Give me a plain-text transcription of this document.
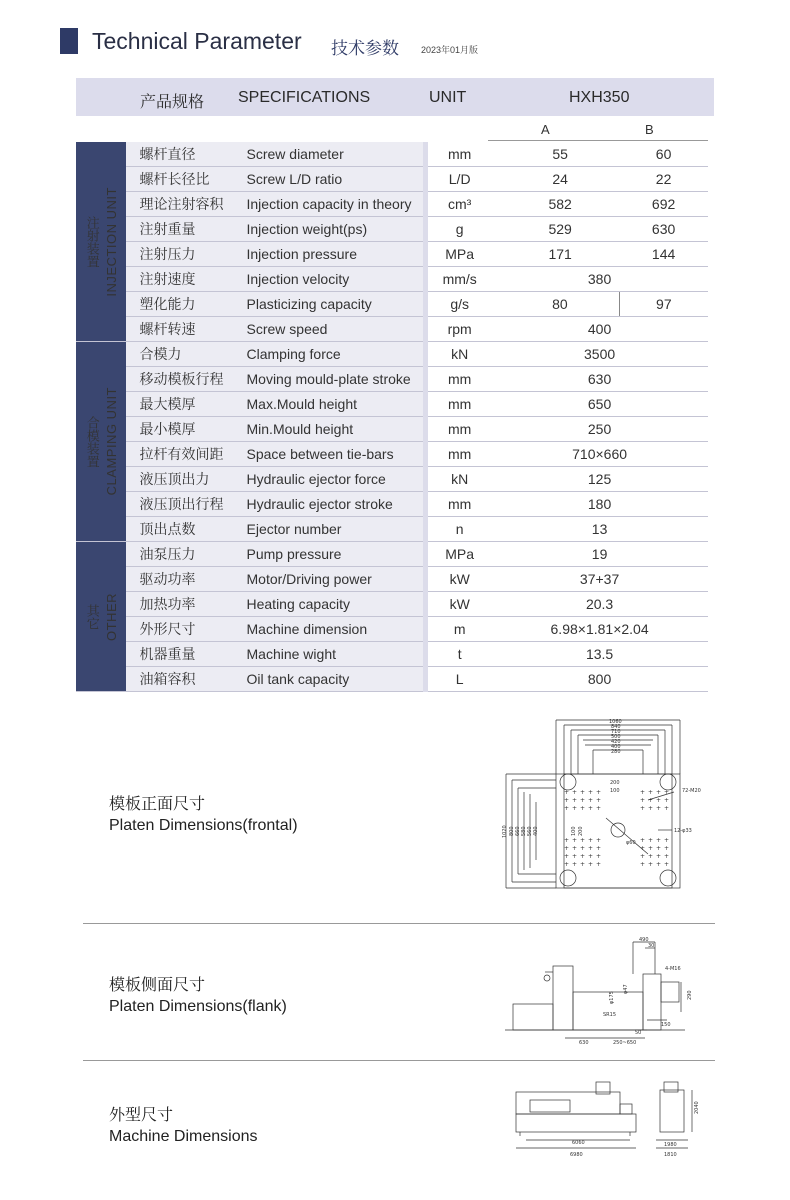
Technical Parameter 技术参数 2023年01月版
产品规格 SPECIFICATIONS	UNIT	HXH350
A	B
注射装置 INJECTION UNIT	螺杆直径	Screw diameter	mm	55	60
	螺杆长径比	Screw L/D ratio	L/D	24	22
	理论注射容积	Injection capacity in theory	cm³	582	692
	注射重量	Injection weight(ps)	g	529	630
	注射压力	Injection pressure	MPa	171	144
	注射速度	Injection velocity	mm/s	380	
	塑化能力	Plasticizing capacity	g/s	80	97
	螺杆转速	Screw speed	rpm	400	

合模装置 CLAMPING UNIT	合模力	Clamping force	kN	3500	
	移动模板行程	Moving mould-plate stroke	mm	630	
	最大模厚	Max.Mould height	mm	650	
	最小模厚	Min.Mould height	mm	250	
	拉杆有效间距	Space between tie-bars	mm	710×660	
	液压顶出力	Hydraulic ejector force	kN	125	
	液压顶出行程	Hydraulic ejector stroke	mm	180	
	顶出点数	Ejector number	n	13	

其它 OTHER	油泵压力	Pump pressure	MPa	19	
	驱动功率	Motor/Driving power	kW	37+37	
	加热功率	Heating capacity	kW	20.3	
	外形尺寸	Machine dimension	m	6.98×1.81×2.04	
	机器重量	Machine wight	t	13.5	
	油箱容积	Oil tank capacity	L	800	
模板正面尺寸
Platen Dimensions(frontal)
1060
840
710
500
420
400
280
200
100	72-M20
12-φ33
φ60
1020 800 660 580 560 400	100 200
+
+
+
+
+
+
+
+
+
+
+
+
+
+
+
+
+
+
+
+
+
+
+
+
+
+
+
+
+
+
+
+
+
+
+
+
+
+
+
+
+
+
+
+
+
+
+
+
+
+
+
+
+
+
+
+
+
+
+
+
+
+
+
模板侧面尺寸
Platen Dimensions(flank)
490
30
4-M16
φ175
SR15
φ47
290
150
50
630	250~650
外型尺寸
Machine Dimensions	6060
6980
2040
1980
1810
